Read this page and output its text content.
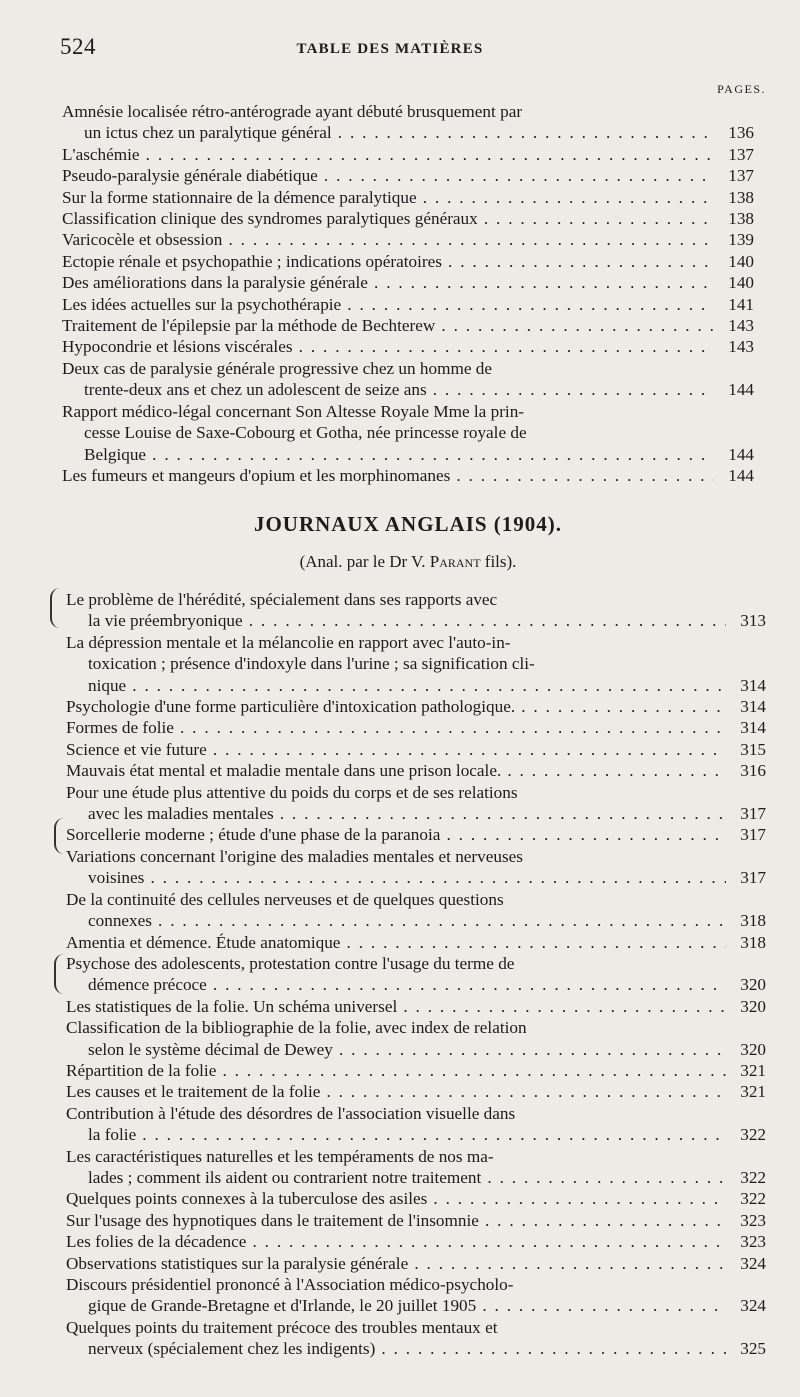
524	TABLE DES MATIÈRES
PAGES.
Amnésie localisée rétro-antérograde ayant débuté brusquement par
un ictus chez un paralytique général . . .	136
L'aschémie . . .	137
Pseudo-paralysie générale diabétique . . .	137
Sur la forme stationnaire de la démence paralytique . . .	138
Classification clinique des syndromes paralytiques généraux . . .	138
Varicocèle et obsession . . .	139
Ectopie rénale et psychopathie ; indications opératoires . . .	140
Des améliorations dans la paralysie générale . . .	140
Les idées actuelles sur la psychothérapie . . .	141
Traitement de l'épilepsie par la méthode de Bechterew . . .	143
Hypocondrie et lésions viscérales . . .	143
Deux cas de paralysie générale progressive chez un homme de
trente-deux ans et chez un adolescent de seize ans . . .	144
Rapport médico-légal concernant Son Altesse Royale Mme la prin-
cesse Louise de Saxe-Cobourg et Gotha, née princesse royale de
Belgique . . .	144
Les fumeurs et mangeurs d'opium et les morphinomanes . . .	144
JOURNAUX ANGLAIS (1904).
(Anal. par le Dr V. Parant fils).
Le problème de l'hérédité, spécialement dans ses rapports avec
la vie préembryonique . . .	313
La dépression mentale et la mélancolie en rapport avec l'auto-in-
toxication ; présence d'indoxyle dans l'urine ; sa signification cli-
nique . . .	314
Psychologie d'une forme particulière d'intoxication pathologique. . . .	314
Formes de folie . . .	314
Science et vie future . . .	315
Mauvais état mental et maladie mentale dans une prison locale. . . .	316
Pour une étude plus attentive du poids du corps et de ses relations
avec les maladies mentales . . .	317
Sorcellerie moderne ; étude d'une phase de la paranoia . . .	317
Variations concernant l'origine des maladies mentales et nerveuses
voisines . . .	317
De la continuité des cellules nerveuses et de quelques questions
connexes . . .	318
Amentia et démence. Étude anatomique . . .	318
Psychose des adolescents, protestation contre l'usage du terme de
démence précoce . . .	320
Les statistiques de la folie. Un schéma universel . . .	320
Classification de la bibliographie de la folie, avec index de relation
selon le système décimal de Dewey . . .	320
Répartition de la folie . . .	321
Les causes et le traitement de la folie . . .	321
Contribution à l'étude des désordres de l'association visuelle dans
la folie . . .	322
Les caractéristiques naturelles et les tempéraments de nos ma-
lades ; comment ils aident ou contrarient notre traitement . . .	322
Quelques points connexes à la tuberculose des asiles . . .	322
Sur l'usage des hypnotiques dans le traitement de l'insomnie . . .	323
Les folies de la décadence . . .	323
Observations statistiques sur la paralysie générale . . .	324
Discours présidentiel prononcé à l'Association médico-psycholo-
gique de Grande-Bretagne et d'Irlande, le 20 juillet 1905 . . .	324
Quelques points du traitement précoce des troubles mentaux et
nerveux (spécialement chez les indigents) . . .	325
